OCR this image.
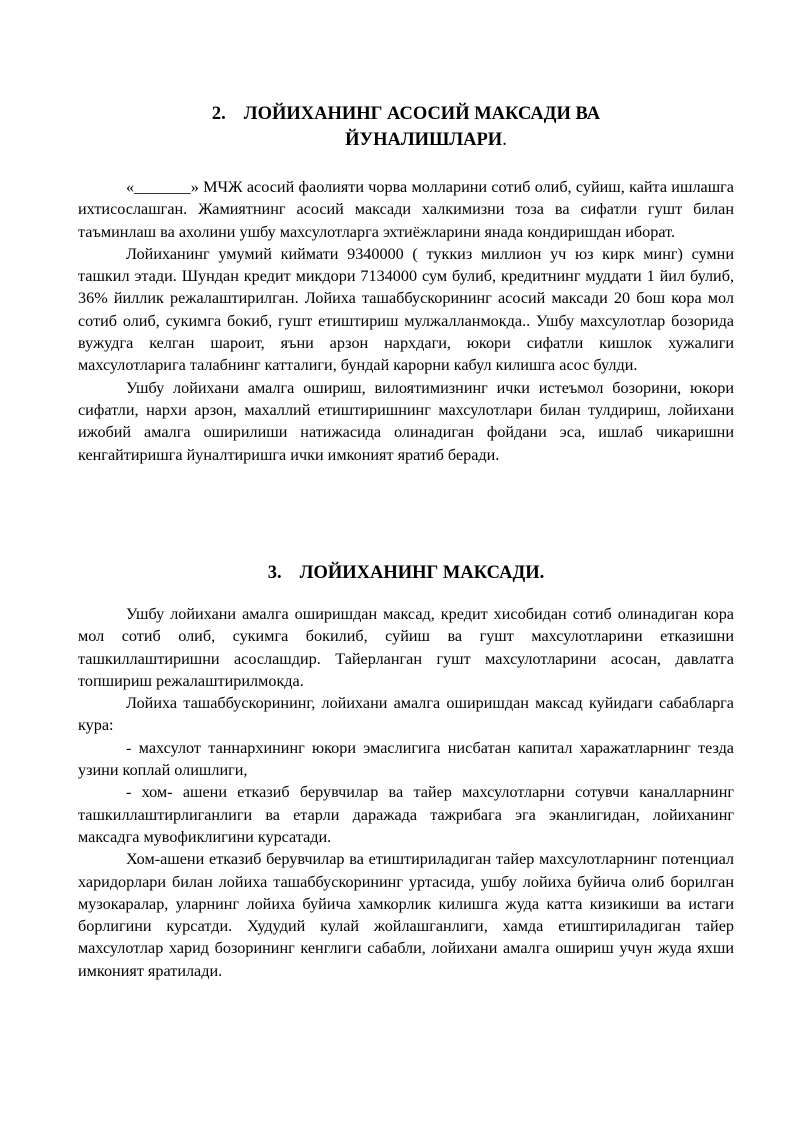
2. ЛОЙИХАНИНГ АСОСИЙ МАКСАДИ ВА
ЙУНАЛИШЛАРИ.

«_______» МЧЖ асосий фаолияти чорва молларини сотиб олиб, суйиш, кайта ишлашга ихтисослашган. Жамиятнинг асосий максади халкимизни тоза ва сифатли гушт билан таъминлаш ва ахолини ушбу махсулотларга эхтиёжларини янада кондиришдан иборат.

Лойиханинг умумий киймати 9340000 ( туккиз миллион уч юз кирк минг) сумни ташкил этади. Шундан кредит микдори 7134000 сум булиб, кредитнинг муддати 1 йил булиб, 36% йиллик режалаштирилган. Лойиха ташаббускорининг асосий максади 20 бош кора мол сотиб олиб, сукимга бокиб, гушт етиштириш мулжалланмокда.. Ушбу махсулотлар бозорида вужудга келган шароит, яъни арзон нархдаги, юкори сифатли кишлок хужалиги махсулотларига талабнинг катталиги, бундай карорни кабул килишга асос булди.

Ушбу лойихани амалга ошириш, вилоятимизнинг ички истеъмол бозорини, юкори сифатли, нархи арзон, махаллий етиштиришнинг махсулотлари билан тулдириш, лойихани ижобий амалга оширилиши натижасида олинадиган фойдани эса, ишлаб чикаришни кенгайтиришга йуналтиришга ички имконият яратиб беради.

3. ЛОЙИХАНИНГ МАКСАДИ.

Ушбу лойихани амалга оширишдан максад, кредит хисобидан сотиб олинадиган кора мол сотиб олиб, сукимга бокилиб, суйиш ва гушт махсулотларини етказишни ташкиллаштиришни асослашдир. Тайерланган гушт махсулотларини асосан, давлатга топшириш режалаштирилмокда.

Лойиха ташаббускорининг, лойихани амалга оширишдан максад куйидаги сабабларга кура:

- махсулот таннархининг юкори эмаслигига нисбатан капитал харажатларнинг тезда узини коплай олишлиги,

- хом- ашени етказиб берувчилар ва тайер махсулотларни сотувчи каналларнинг ташкиллаштирлиганлиги ва етарли даражада тажрибага эга эканлигидан, лойиханинг максадга мувофиклигини курсатади.

Хом-ашени етказиб берувчилар ва етиштириладиган тайер махсулотларнинг потенциал харидорлари билан лойиха ташаббускорининг уртасида, ушбу лойиха буйича олиб борилган музокаралар, уларнинг лойиха буйича хамкорлик килишга жуда катта кизикиши ва истаги борлигини курсатди. Худудий кулай жойлашганлиги, хамда етиштириладиган тайер махсулотлар харид бозорининг кенглиги сабабли, лойихани амалга ошириш учун жуда яхши имконият яратилади.
